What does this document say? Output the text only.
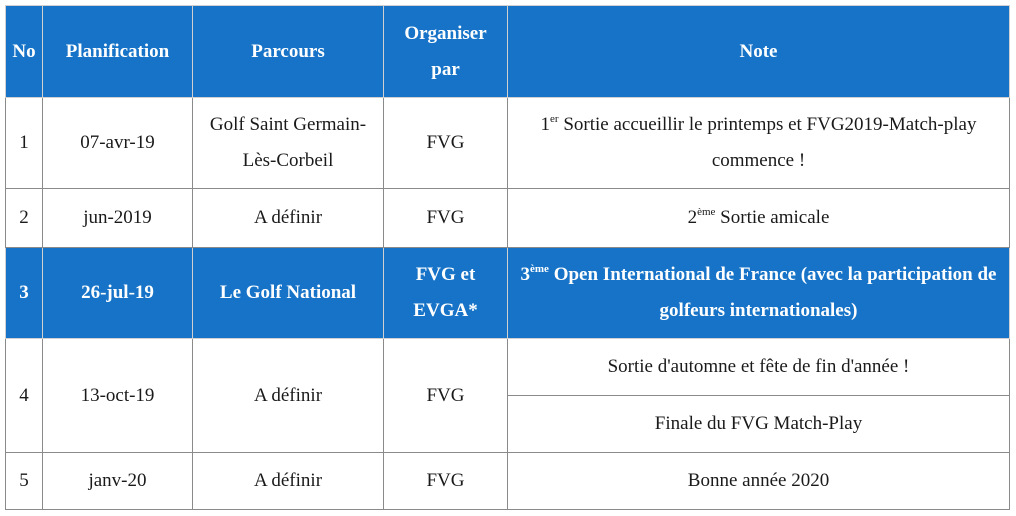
No	Planification	Parcours	Organiser par	Note
1	07-avr-19	Golf Saint Germain-Lès-Corbeil	FVG	1er Sortie accueillir le printemps et FVG2019-Match-play commence !
2	jun-2019	A définir	FVG	2ème Sortie amicale
3	26-jul-19	Le Golf National	FVG et EVGA*	3ème Open International de France (avec la participation de golfeurs internationales)
4	13-oct-19	A définir	FVG	Sortie d'automne et fête de fin d'année !
				Finale du FVG Match-Play
5	janv-20	A définir	FVG	Bonne année 2020
